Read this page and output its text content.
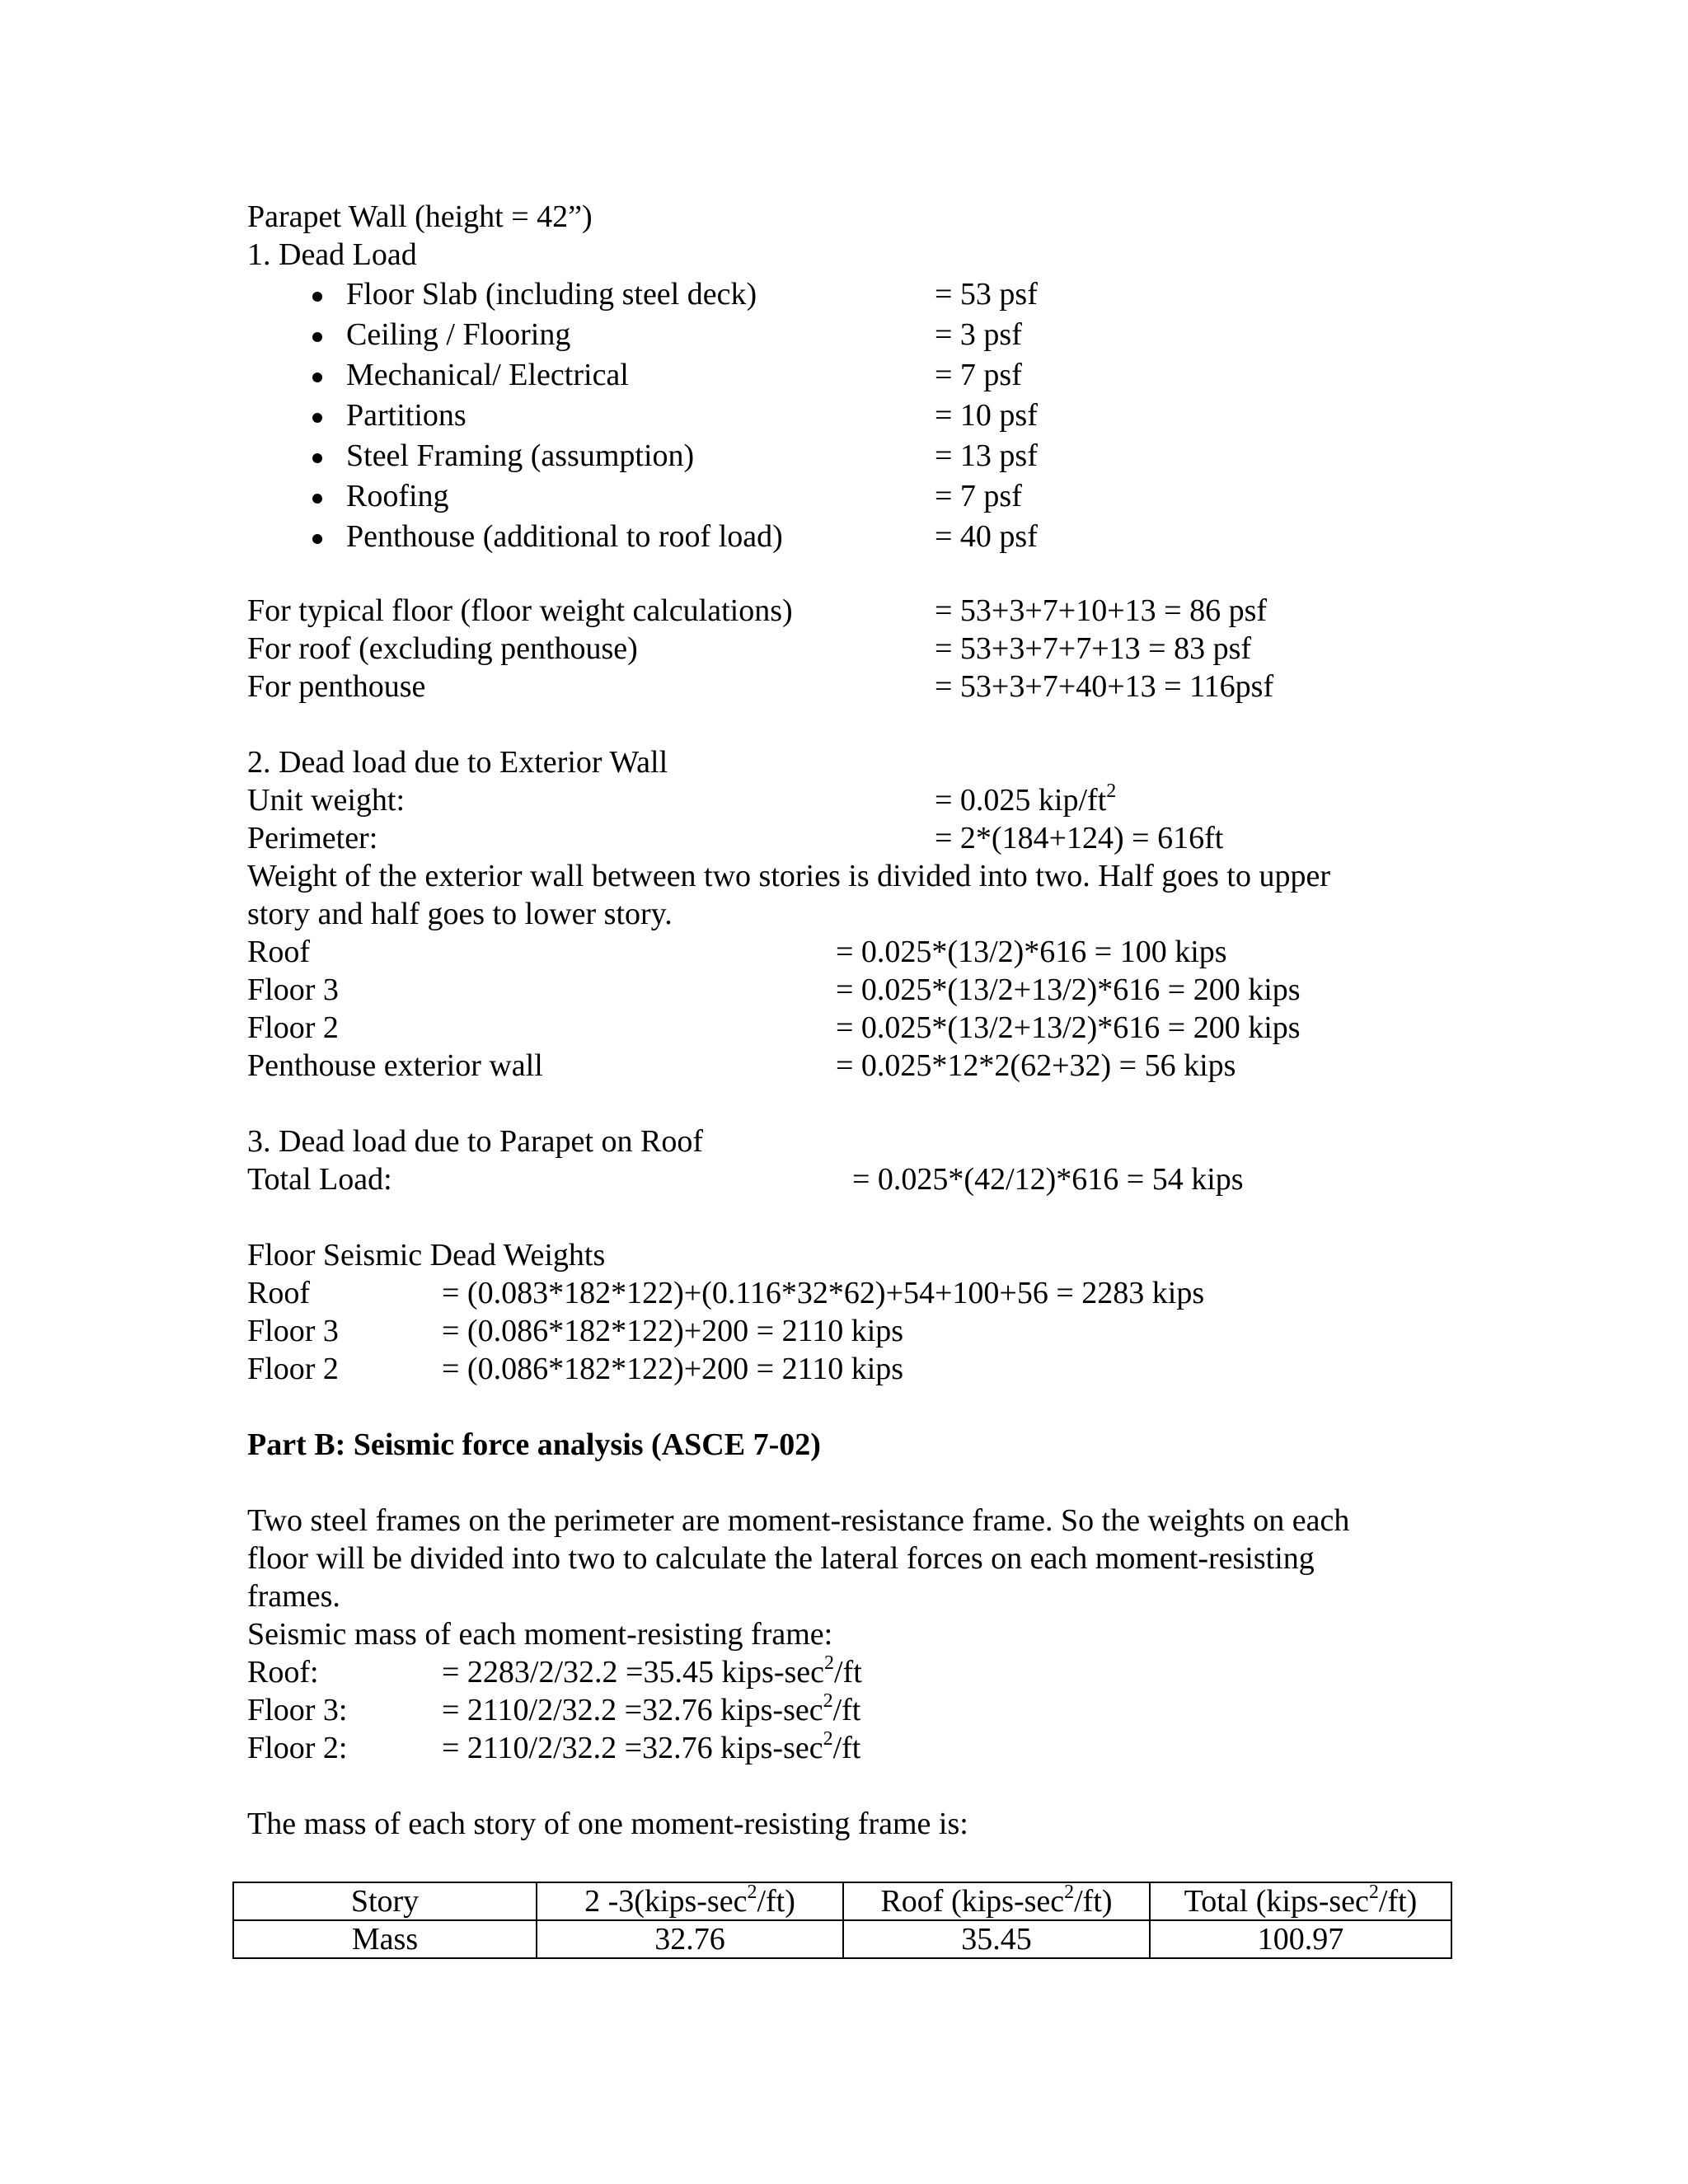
Parapet Wall (height = 42”)
1. Dead Load
Floor Slab (including steel deck)	= 53 psf
Ceiling / Flooring	= 3 psf
Mechanical/ Electrical	= 7 psf
Partitions	= 10 psf
Steel Framing (assumption)	= 13 psf
Roofing	= 7 psf
Penthouse (additional to roof load)	= 40 psf
For typical floor (floor weight calculations)	= 53+3+7+10+13 = 86 psf
For roof (excluding penthouse)	= 53+3+7+7+13 = 83 psf
For penthouse	= 53+3+7+40+13 = 116psf
2. Dead load due to Exterior Wall
Unit weight:	= 0.025 kip/$ft^2$
Perimeter:	= 2*(184+124) = 616ft
Weight of the exterior wall between two stories is divided into two. Half goes to upper
story and half goes to lower story.
Roof	= 0.025*(13/2)*616 = 100 kips
Floor 3	= 0.025*(13/2+13/2)*616 = 200 kips
Floor 2	= 0.025*(13/2+13/2)*616 = 200 kips
Penthouse exterior wall	= 0.025*12*2(62+32) = 56 kips
3. Dead load due to Parapet on Roof
Total Load:	= 0.025*(42/12)*616 = 54 kips
Floor Seismic Dead Weights
Roof	= (0.083*182*122)+(0.116*32*62)+54+100+56 = 2283 kips
Floor 3	= (0.086*182*122)+200 = 2110 kips
Floor 2	= (0.086*182*122)+200 = 2110 kips
Part B: Seismic force analysis (ASCE 7-02)
Two steel frames on the perimeter are moment-resistance frame. So the weights on each
floor will be divided into two to calculate the lateral forces on each moment-resisting
frames.
Seismic mass of each moment-resisting frame:
Roof:	= 2283/2/32.2 =35.45 kips-$\sec^2/ft$
Floor 3:	= 2110/2/32.2 =32.76 kips-$\sec^2/ft$
Floor 2:	= 2110/2/32.2 =32.76 kips-$\sec^2/ft$
The mass of each story of one moment-resisting frame is:
Story	2 $-3(kips-\sec^2/ft)$	Roof $(kips-\sec^2/ft)$	Total $(kips-\sec^2/ft)$
Mass	32.76	35.45	100.97
